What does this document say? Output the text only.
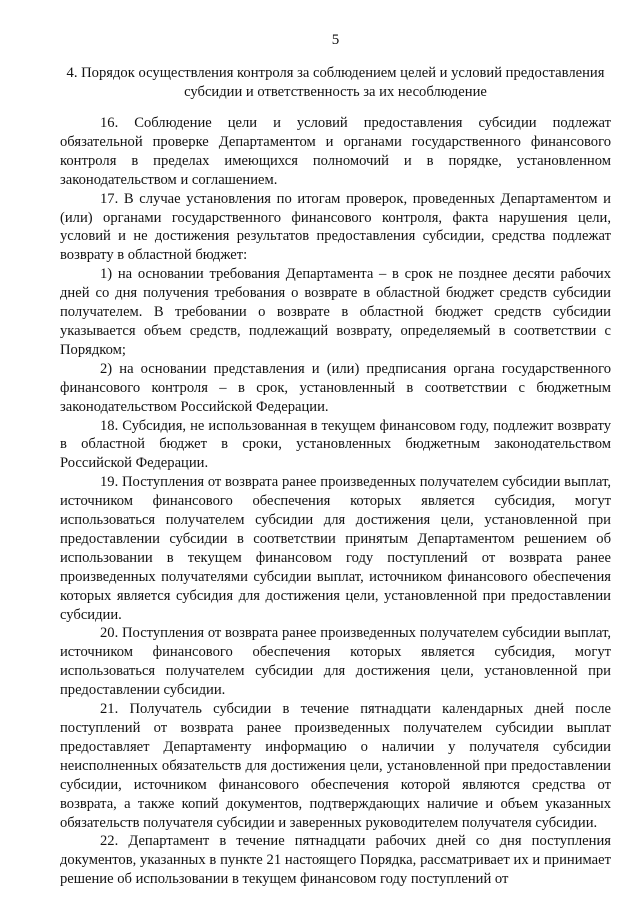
5
4. Порядок осуществления контроля за соблюдением целей и условий предоставления субсидии и ответственность за их несоблюдение

16. Соблюдение цели и условий предоставления субсидии подлежат обязательной проверке Департаментом и органами государственного финансового контроля в пределах имеющихся полномочий и в порядке, установленном законодательством и соглашением.

17. В случае установления по итогам проверок, проведенных Департаментом и (или) органами государственного финансового контроля, факта нарушения цели, условий и не достижения результатов предоставления субсидии, средства подлежат возврату в областной бюджет:

1) на основании требования Департамента – в срок не позднее десяти рабочих дней со дня получения требования о возврате в областной бюджет средств субсидии получателем. В требовании о возврате в областной бюджет средств субсидии указывается объем средств, подлежащий возврату, определяемый в соответствии с Порядком;

2) на основании представления и (или) предписания органа государственного финансового контроля – в срок, установленный в соответствии с бюджетным законодательством Российской Федерации.

18. Субсидия, не использованная в текущем финансовом году, подлежит возврату в областной бюджет в сроки, установленных бюджетным законодательством Российской Федерации.

19. Поступления от возврата ранее произведенных получателем субсидии выплат, источником финансового обеспечения которых является субсидия, могут использоваться получателем субсидии для достижения цели, установленной при предоставлении субсидии в соответствии принятым Департаментом решением об использовании в текущем финансовом году поступлений от возврата ранее произведенных получателями субсидии выплат, источником финансового обеспечения которых является субсидия для достижения цели, установленной при предоставлении субсидии.

20. Поступления от возврата ранее произведенных получателем субсидии выплат, источником финансового обеспечения которых является субсидия, могут использоваться получателем субсидии для достижения цели, установленной при предоставлении субсидии.

21. Получатель субсидии в течение пятнадцати календарных дней после поступлений от возврата ранее произведенных получателем субсидии выплат предоставляет Департаменту информацию о наличии у получателя субсидии неисполненных обязательств для достижения цели, установленной при предоставлении субсидии, источником финансового обеспечения которой являются средства от возврата, а также копий документов, подтверждающих наличие и объем указанных обязательств получателя субсидии и заверенных руководителем получателя субсидии.

22. Департамент в течение пятнадцати рабочих дней со дня поступления документов, указанных в пункте 21 настоящего Порядка, рассматривает их и принимает решение об использовании в текущем финансовом году поступлений от
